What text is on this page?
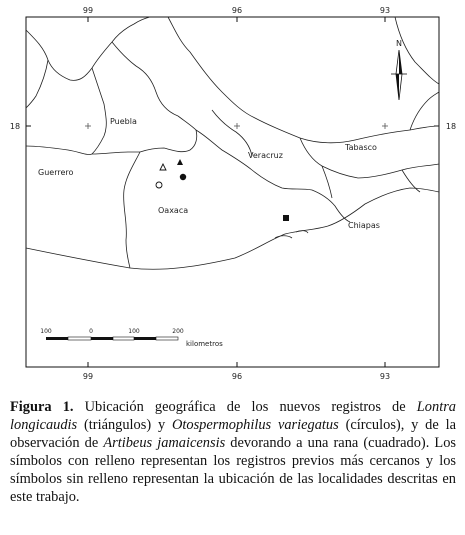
99	96	93
99	96	93
18	18
Puebla
Veracruz
Tabasco
Guerrero
Oaxaca
Chiapas
N
100	0	100	200
kilometros
Figura 1. Ubicación geográfica de los nuevos registros de Lontra longicaudis (triángulos) y Otospermophilus variegatus (círculos), y de la observación de Artibeus jamaicensis devorando a una rana (cuadrado). Los símbolos con relleno representan los registros previos más cercanos y los símbolos sin relleno representan la ubicación de las localidades descritas en este trabajo.
